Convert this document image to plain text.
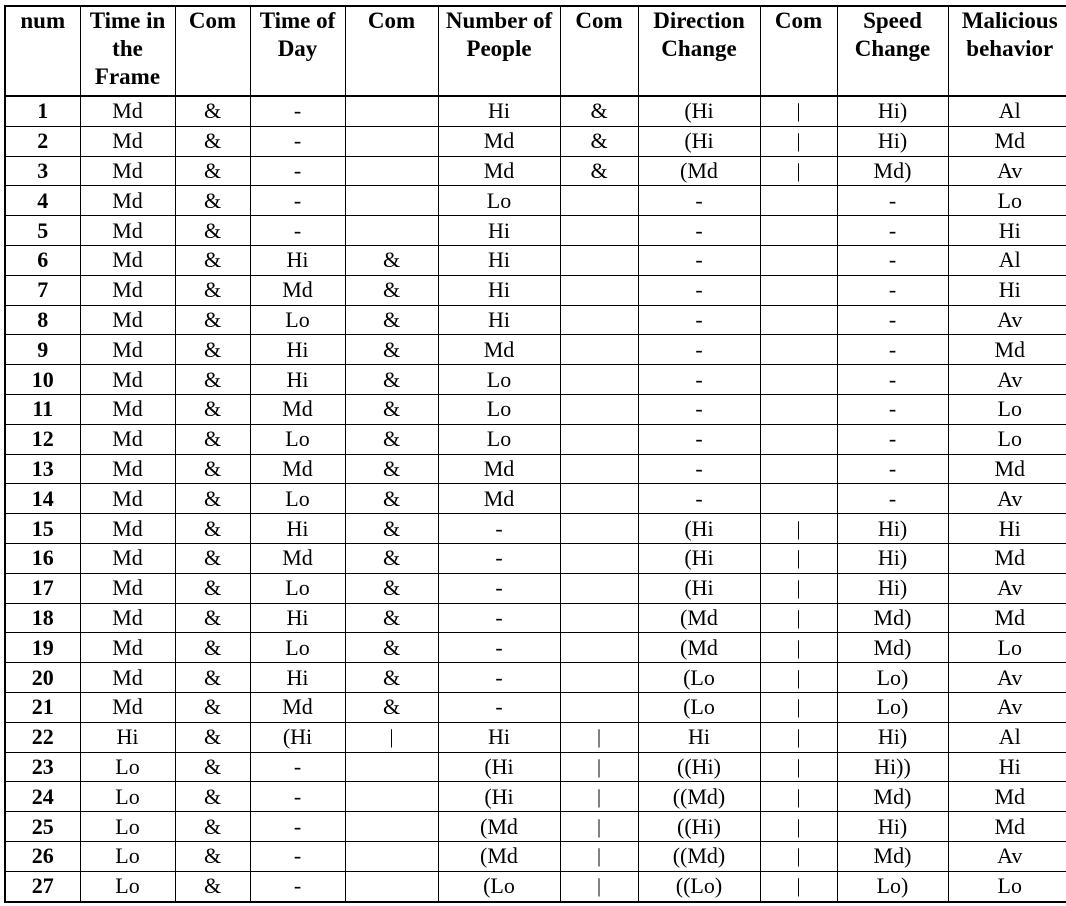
num	Time in the Frame	Com	Time of Day	Com	Number of People	Com	Direction Change	Com	Speed Change	Malicious behavior
1	Md	&	-		Hi	&	(Hi	|	Hi)	Al
2	Md	&	-		Md	&	(Hi	|	Hi)	Md
3	Md	&	-		Md	&	(Md	|	Md)	Av
4	Md	&	-		Lo		-		-	Lo
5	Md	&	-		Hi		-		-	Hi
6	Md	&	Hi	&	Hi		-		-	Al
7	Md	&	Md	&	Hi		-		-	Hi
8	Md	&	Lo	&	Hi		-		-	Av
9	Md	&	Hi	&	Md		-		-	Md
10	Md	&	Hi	&	Lo		-		-	Av
11	Md	&	Md	&	Lo		-		-	Lo
12	Md	&	Lo	&	Lo		-		-	Lo
13	Md	&	Md	&	Md		-		-	Md
14	Md	&	Lo	&	Md		-		-	Av
15	Md	&	Hi	&	-		(Hi	|	Hi)	Hi
16	Md	&	Md	&	-		(Hi	|	Hi)	Md
17	Md	&	Lo	&	-		(Hi	|	Hi)	Av
18	Md	&	Hi	&	-		(Md	|	Md)	Md
19	Md	&	Lo	&	-		(Md	|	Md)	Lo
20	Md	&	Hi	&	-		(Lo	|	Lo)	Av
21	Md	&	Md	&	-		(Lo	|	Lo)	Av
22	Hi	&	(Hi	|	Hi	|	Hi	|	Hi)	Al
23	Lo	&	-		(Hi	|	((Hi)	|	Hi))	Hi
24	Lo	&	-		(Hi	|	((Md)	|	Md)	Md
25	Lo	&	-		(Md	|	((Hi)	|	Hi)	Md
26	Lo	&	-		(Md	|	((Md)	|	Md)	Av
27	Lo	&	-		(Lo	|	((Lo)	|	Lo)	Lo
